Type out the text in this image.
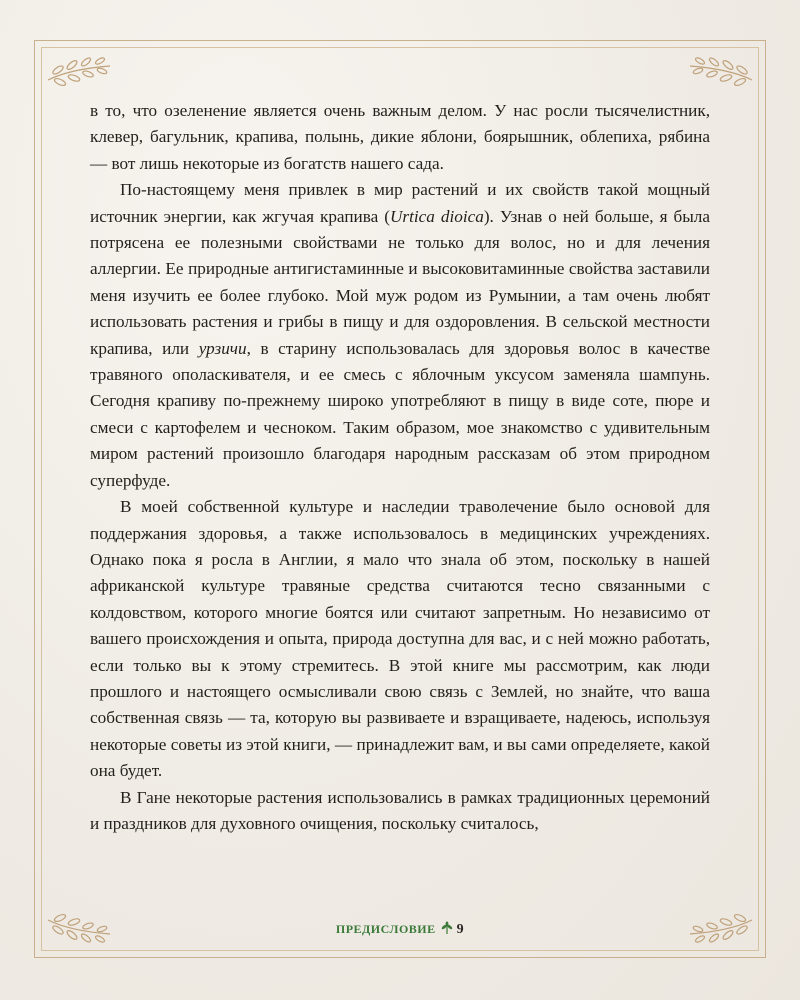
в то, что озеленение является очень важным делом. У нас росли тысячелистник, клевер, багульник, крапива, полынь, дикие яблони, боярышник, облепиха, рябина — вот лишь некоторые из богатств нашего сада.

По-настоящему меня привлек в мир растений и их свойств такой мощный источник энергии, как жгучая крапива (Urtica dioica). Узнав о ней больше, я была потрясена ее полезными свойствами не только для волос, но и для лечения аллергии. Ее природные антигистаминные и высоковитаминные свойства заставили меня изучить ее более глубоко. Мой муж родом из Румынии, а там очень любят использовать растения и грибы в пищу и для оздоровления. В сельской местности крапива, или урзичи, в старину использовалась для здоровья волос в качестве травяного ополаскивателя, и ее смесь с яблочным уксусом заменяла шампунь. Сегодня крапиву по-прежнему широко употребляют в пищу в виде соте, пюре и смеси с картофелем и чесноком. Таким образом, мое знакомство с удивительным миром растений произошло благодаря народным рассказам об этом природном суперфуде.

В моей собственной культуре и наследии траволечение было основой для поддержания здоровья, а также использовалось в медицинских учреждениях. Однако пока я росла в Англии, я мало что знала об этом, поскольку в нашей африканской культуре травяные средства считаются тесно связанными с колдовством, которого многие боятся или считают запретным. Но независимо от вашего происхождения и опыта, природа доступна для вас, и с ней можно работать, если только вы к этому стремитесь. В этой книге мы рассмотрим, как люди прошлого и настоящего осмысливали свою связь с Землей, но знайте, что ваша собственная связь — та, которую вы развиваете и взращиваете, надеюсь, используя некоторые советы из этой книги, — принадлежит вам, и вы сами определяете, какой она будет.

В Гане некоторые растения использовались в рамках традиционных церемоний и праздников для духовного очищения, поскольку считалось,

ПРЕДИСЛОВИЕ 9
